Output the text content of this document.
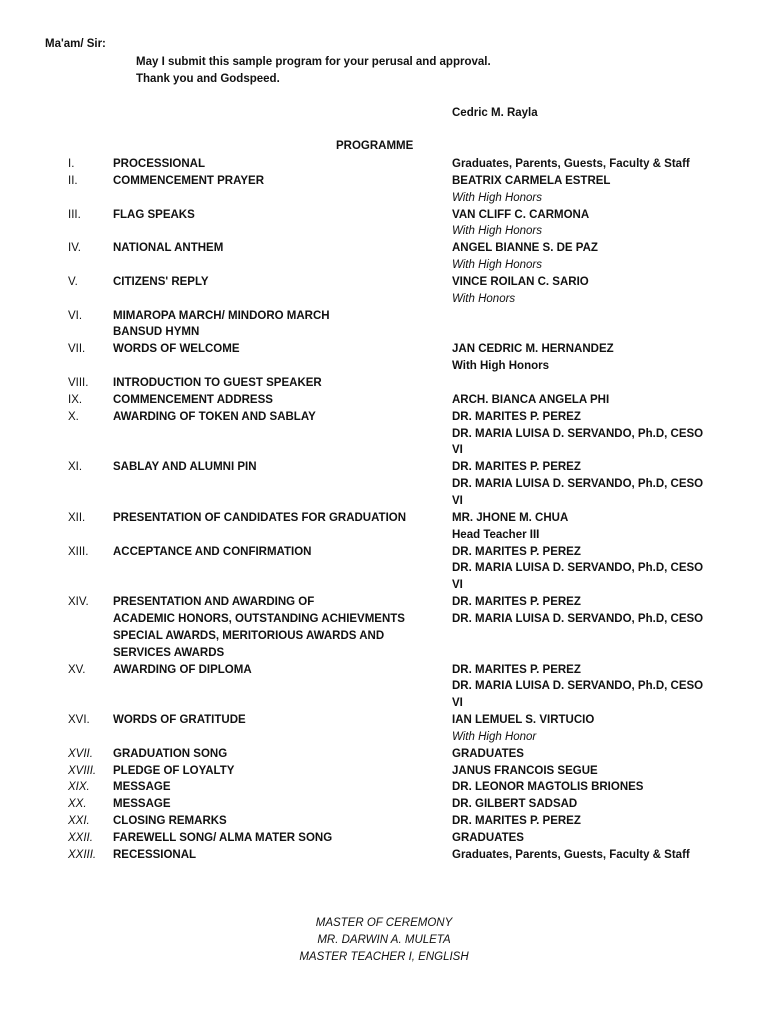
Ma'am/ Sir:
May I submit this sample program for your perusal and approval.
Thank you and Godspeed.
Cedric M. Rayla
PROGRAMME
I.	PROCESSIONAL	Graduates, Parents, Guests, Faculty & Staff
II.	COMMENCEMENT PRAYER	BEATRIX CARMELA ESTREL
With High Honors
III.	FLAG SPEAKS	VAN CLIFF C. CARMONA
With High Honors
IV.	NATIONAL ANTHEM	ANGEL BIANNE S. DE PAZ
With High Honors
V.	CITIZENS' REPLY	VINCE ROILAN C. SARIO
With Honors
VI.	MIMAROPA MARCH/ MINDORO MARCH
BANSUD HYMN
VII. WORDS OF WELCOME	JAN CEDRIC M. HERNANDEZ
With High Honors
VIII. INTRODUCTION TO GUEST SPEAKER
IX.	COMMENCEMENT ADDRESS	ARCH. BIANCA ANGELA PHI
X.	AWARDING OF TOKEN AND SABLAY	DR. MARITES P. PEREZ
DR. MARIA LUISA D. SERVANDO, Ph.D, CESO
VI
XI.	SABLAY AND ALUMNI PIN	DR. MARITES P. PEREZ
DR. MARIA LUISA D. SERVANDO, Ph.D, CESO
VI
XII. PRESENTATION OF CANDIDATES FOR GRADUATION	MR. JHONE M. CHUA
Head Teacher III
XIII. ACCEPTANCE AND CONFIRMATION	DR. MARITES P. PEREZ
DR. MARIA LUISA D. SERVANDO, Ph.D, CESO
VI
XIV. PRESENTATION AND AWARDING OF
ACADEMIC HONORS, OUTSTANDING ACHIEVMENTS
SPECIAL AWARDS, MERITORIOUS AWARDS AND
SERVICES AWARDS
DR. MARITES P. PEREZ
DR. MARIA LUISA D. SERVANDO, Ph.D, CESO
XV. AWARDING OF DIPLOMA	DR. MARITES P. PEREZ
DR. MARIA LUISA D. SERVANDO, Ph.D, CESO
VI
XVI. WORDS OF GRATITUDE	IAN LEMUEL S. VIRTUCIO
With High Honor
XVII. GRADUATION SONG	GRADUATES
XVIII. PLEDGE OF LOYALTY	JANUS FRANCOIS SEGUE
XIX. MESSAGE	DR. LEONOR MAGTOLIS BRIONES
XX. MESSAGE	DR. GILBERT SADSAD
XXI. CLOSING REMARKS	DR. MARITES P. PEREZ
XXII. FAREWELL SONG/ ALMA MATER SONG	GRADUATES
XXIII. RECESSIONAL	Graduates, Parents, Guests, Faculty & Staff
MASTER OF CEREMONY
MR. DARWIN A. MULETA
MASTER TEACHER I, ENGLISH
